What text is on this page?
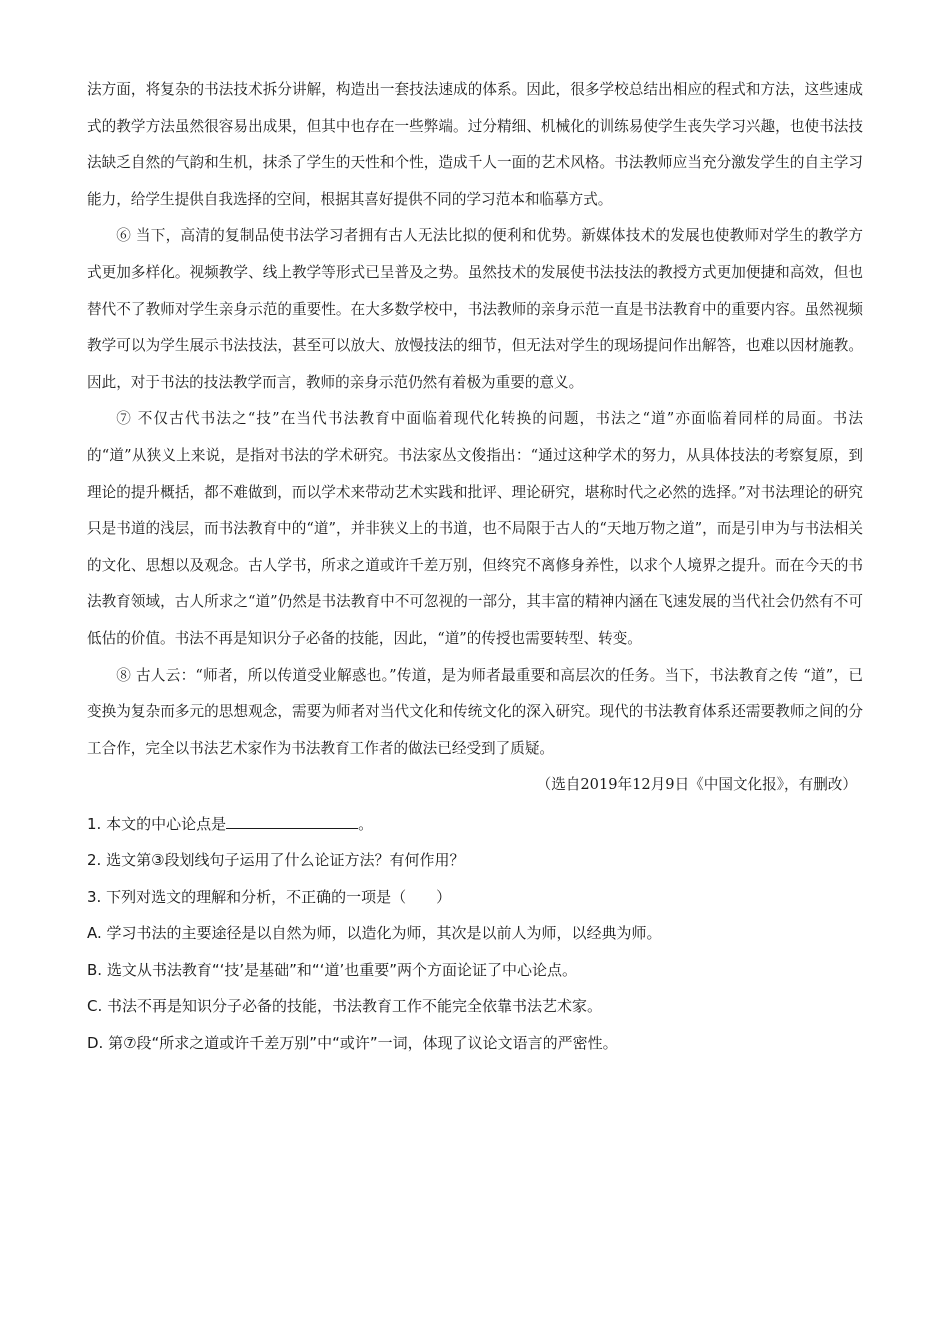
法方面，将复杂的书法技术拆分讲解，构造出一套技法速成的体系。因此，很多学校总结出相应的程式和方法，这些速成式的教学方法虽然很容易出成果，但其中也存在一些弊端。过分精细、机械化的训练易使学生丧失学习兴趣，也使书法技法缺乏自然的气韵和生机，抹杀了学生的天性和个性，造成千人一面的艺术风格。书法教师应当充分激发学生的自主学习能力，给学生提供自我选择的空间，根据其喜好提供不同的学习范本和临摹方式。

⑥ 当下，高清的复制品使书法学习者拥有古人无法比拟的便利和优势。新媒体技术的发展也使教师对学生的教学方式更加多样化。视频教学、线上教学等形式已呈普及之势。虽然技术的发展使书法技法的教授方式更加便捷和高效，但也替代不了教师对学生亲身示范的重要性。在大多数学校中，书法教师的亲身示范一直是书法教育中的重要内容。虽然视频教学可以为学生展示书法技法，甚至可以放大、放慢技法的细节，但无法对学生的现场提问作出解答，也难以因材施教。因此，对于书法的技法教学而言，教师的亲身示范仍然有着极为重要的意义。

⑦ 不仅古代书法之“技”在当代书法教育中面临着现代化转换的问题，书法之“道”亦面临着同样的局面。书法的“道”从狭义上来说，是指对书法的学术研究。书法家丛文俊指出：“通过这种学术的努力，从具体技法的考察复原，到理论的提升概括，都不难做到，而以学术来带动艺术实践和批评、理论研究，堪称时代之必然的选择。”对书法理论的研究只是书道的浅层，而书法教育中的“道”，并非狭义上的书道，也不局限于古人的“天地万物之道”，而是引申为与书法相关的文化、思想以及观念。古人学书，所求之道或许千差万别，但终究不离修身养性，以求个人境界之提升。而在今天的书法教育领域，古人所求之“道”仍然是书法教育中不可忽视的一部分，其丰富的精神内涵在飞速发展的当代社会仍然有不可低估的价值。书法不再是知识分子必备的技能，因此，“道”的传授也需要转型、转变。

⑧ 古人云：“师者，所以传道受业解惑也。”传道，是为师者最重要和高层次的任务。当下，书法教育之传 “道”，已变换为复杂而多元的思想观念，需要为师者对当代文化和传统文化的深入研究。现代的书法教育体系还需要教师之间的分工合作，完全以书法艺术家作为书法教育工作者的做法已经受到了质疑。

（选自2019年12月9日《中国文化报》，有删改）

1. 本文的中心论点是	。

2. 选文第③段划线句子运用了什么论证方法？有何作用？

3. 下列对选文的理解和分析，不正确的一项是（　　）

A. 学习书法的主要途径是以自然为师，以造化为师，其次是以前人为师，以经典为师。

B. 选文从书法教育“‘技’是基础”和“‘道’也重要”两个方面论证了中心论点。

C. 书法不再是知识分子必备的技能，书法教育工作不能完全依靠书法艺术家。

D. 第⑦段“所求之道或许千差万别”中“或许”一词，体现了议论文语言的严密性。
